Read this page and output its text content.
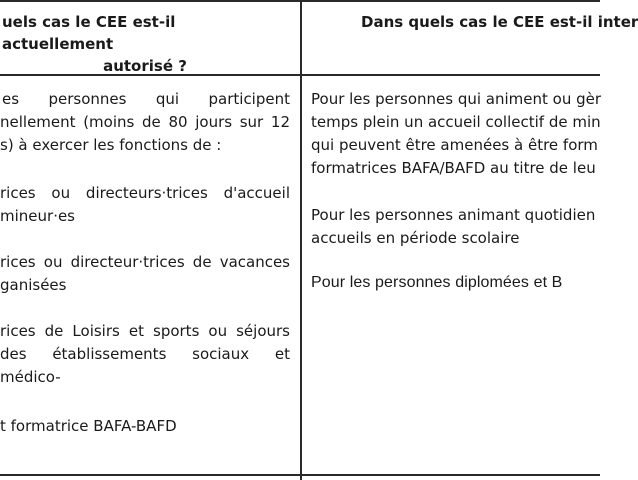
uels cas le CEE est-il actuellement
autorisé ?
Dans quels cas le CEE est-il inter
es personnes qui participent
nellement (moins de 80 jours sur 12
s) à exercer les fonctions de :
rices ou directeurs·trices d'accueil
mineur·es
rices ou directeur·trices de vacances
ganisées
rices de Loisirs et sports ou séjours
des établissements sociaux et médico-
t formatrice BAFA-BAFD
Pour les personnes qui animent ou gèr
temps plein un accueil collectif de min
qui peuvent être amenées à être form
formatrices BAFA/BAFD au titre de leu
Pour les personnes animant quotidien
accueils en période scolaire
Pour les personnes diplomées et B
